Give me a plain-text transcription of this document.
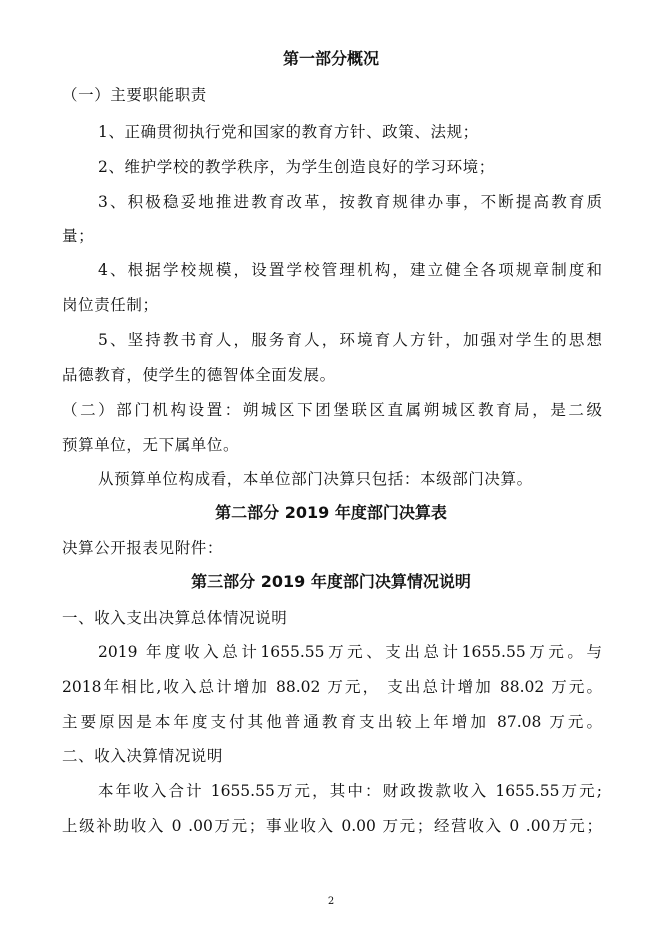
第一部分概况
（一）主要职能职责
1、正确贯彻执行党和国家的教育方针、政策、法规；
2、维护学校的教学秩序，为学生创造良好的学习环境；
3、积极稳妥地推进教育改革，按教育规律办事，不断提高教育质
量；
4、根据学校规模，设置学校管理机构，建立健全各项规章制度和
岗位责任制；
5、坚持教书育人，服务育人，环境育人方针，加强对学生的思想
品德教育，使学生的德智体全面发展。
（二）部门机构设置：朔城区下团堡联区直属朔城区教育局，是二级
预算单位，无下属单位。
从预算单位构成看，本单位部门决算只包括：本级部门决算。
第二部分 2019 年度部门决算表
决算公开报表见附件：
第三部分 2019 年度部门决算情况说明
一、收入支出决算总体情况说明
2019 年度收入总计1655.55万元、支出总计1655.55万元。与
2018年相比,收入总计增加 88.02 万元， 支出总计增加 88.02 万元。
主要原因是本年度支付其他普通教育支出较上年增加 87.08 万元。
二、收入决算情况说明
本年收入合计 1655.55万元，其中：财政拨款收入 1655.55万元;
上级补助收入 0 .00万元；事业收入 0.00 万元；经营收入 0 .00万元；
2
